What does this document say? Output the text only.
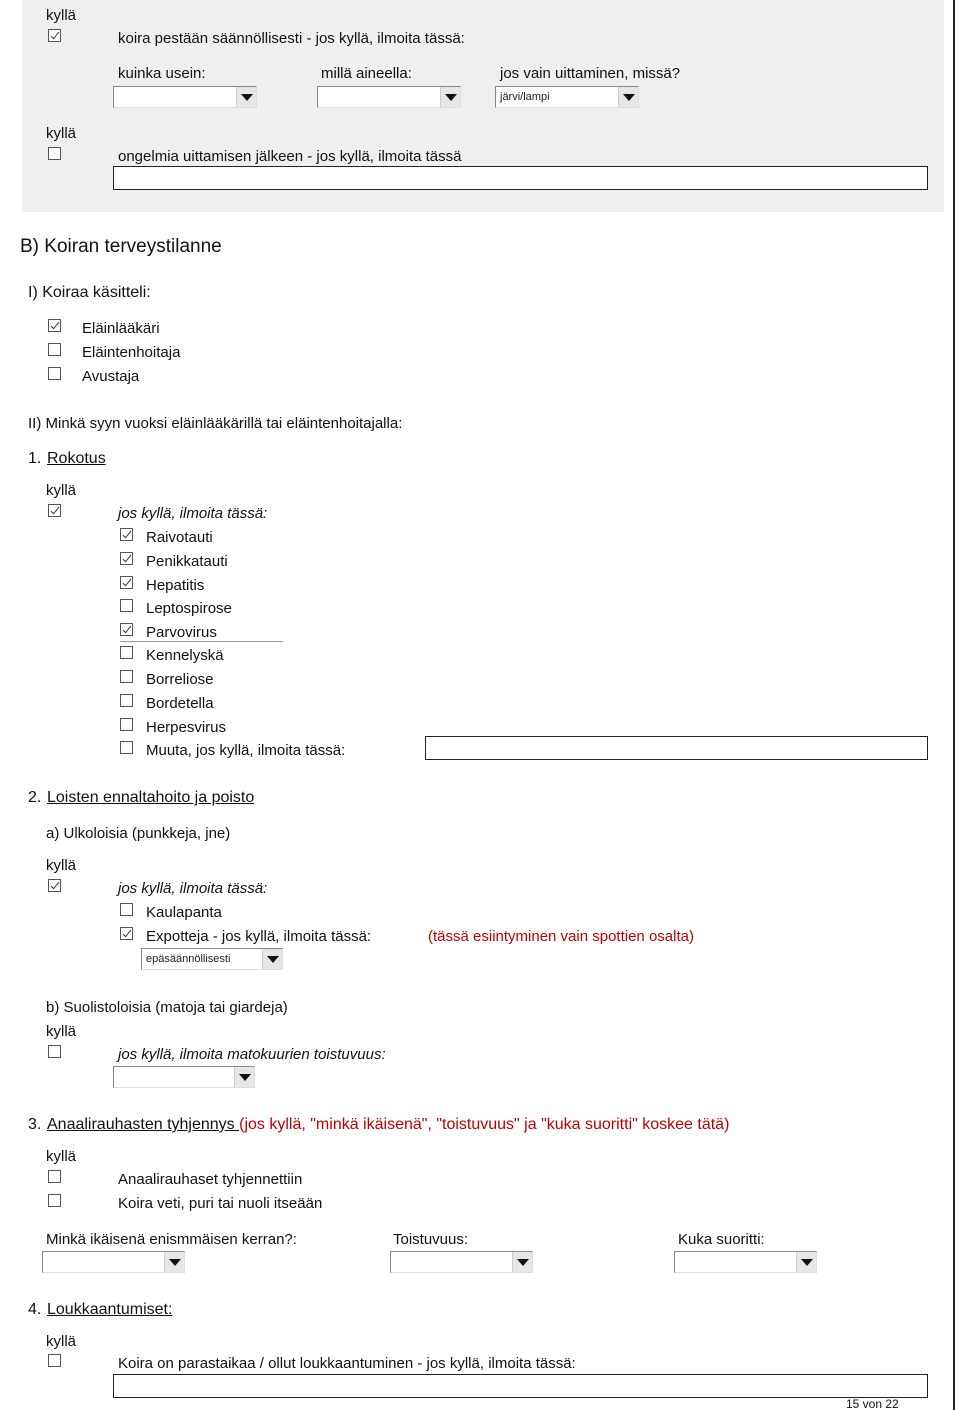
kyllä
koira pestään säännöllisesti - jos kyllä, ilmoita tässä:
kuinka usein:	millä aineella:	jos vain uittaminen, missä?
järvi/lampi
kyllä
ongelmia uittamisen jälkeen - jos kyllä, ilmoita tässä
B) Koiran terveystilanne
I) Koiraa käsitteli:
Eläinlääkäri
Eläintenhoitaja
Avustaja
II) Minkä syyn vuoksi eläinlääkärillä tai eläintenhoitajalla:
1. Rokotus
kyllä
jos kyllä, ilmoita tässä:
Raivotauti
Penikkatauti
Hepatitis
Leptospirose
Parvovirus
Kennelyskä
Borreliose
Bordetella
Herpesvirus
Muuta, jos kyllä, ilmoita tässä:
2. Loisten ennaltahoito ja poisto
a) Ulkoloisia (punkkeja, jne)
kyllä
jos kyllä, ilmoita tässä:
Kaulapanta
Expotteja - jos kyllä, ilmoita tässä:	(tässä esiintyminen vain spottien osalta)
epäsäännöllisesti
b) Suolistoloisia (matoja tai giardeja)
kyllä
jos kyllä, ilmoita matokuurien toistuvuus:
3. Anaalirauhasten tyhjennys (jos kyllä, "minkä ikäisenä", "toistuvuus" ja "kuka suoritti" koskee tätä)
kyllä
Anaalirauhaset tyhjennettiin
Koira veti, puri tai nuoli itseään
Minkä ikäisenä enismmäisen kerran?:	Toistuvuus:	Kuka suoritti:
4. Loukkaantumiset:
kyllä
Koira on parastaikaa / ollut loukkaantuminen - jos kyllä, ilmoita tässä:
15 von 22
